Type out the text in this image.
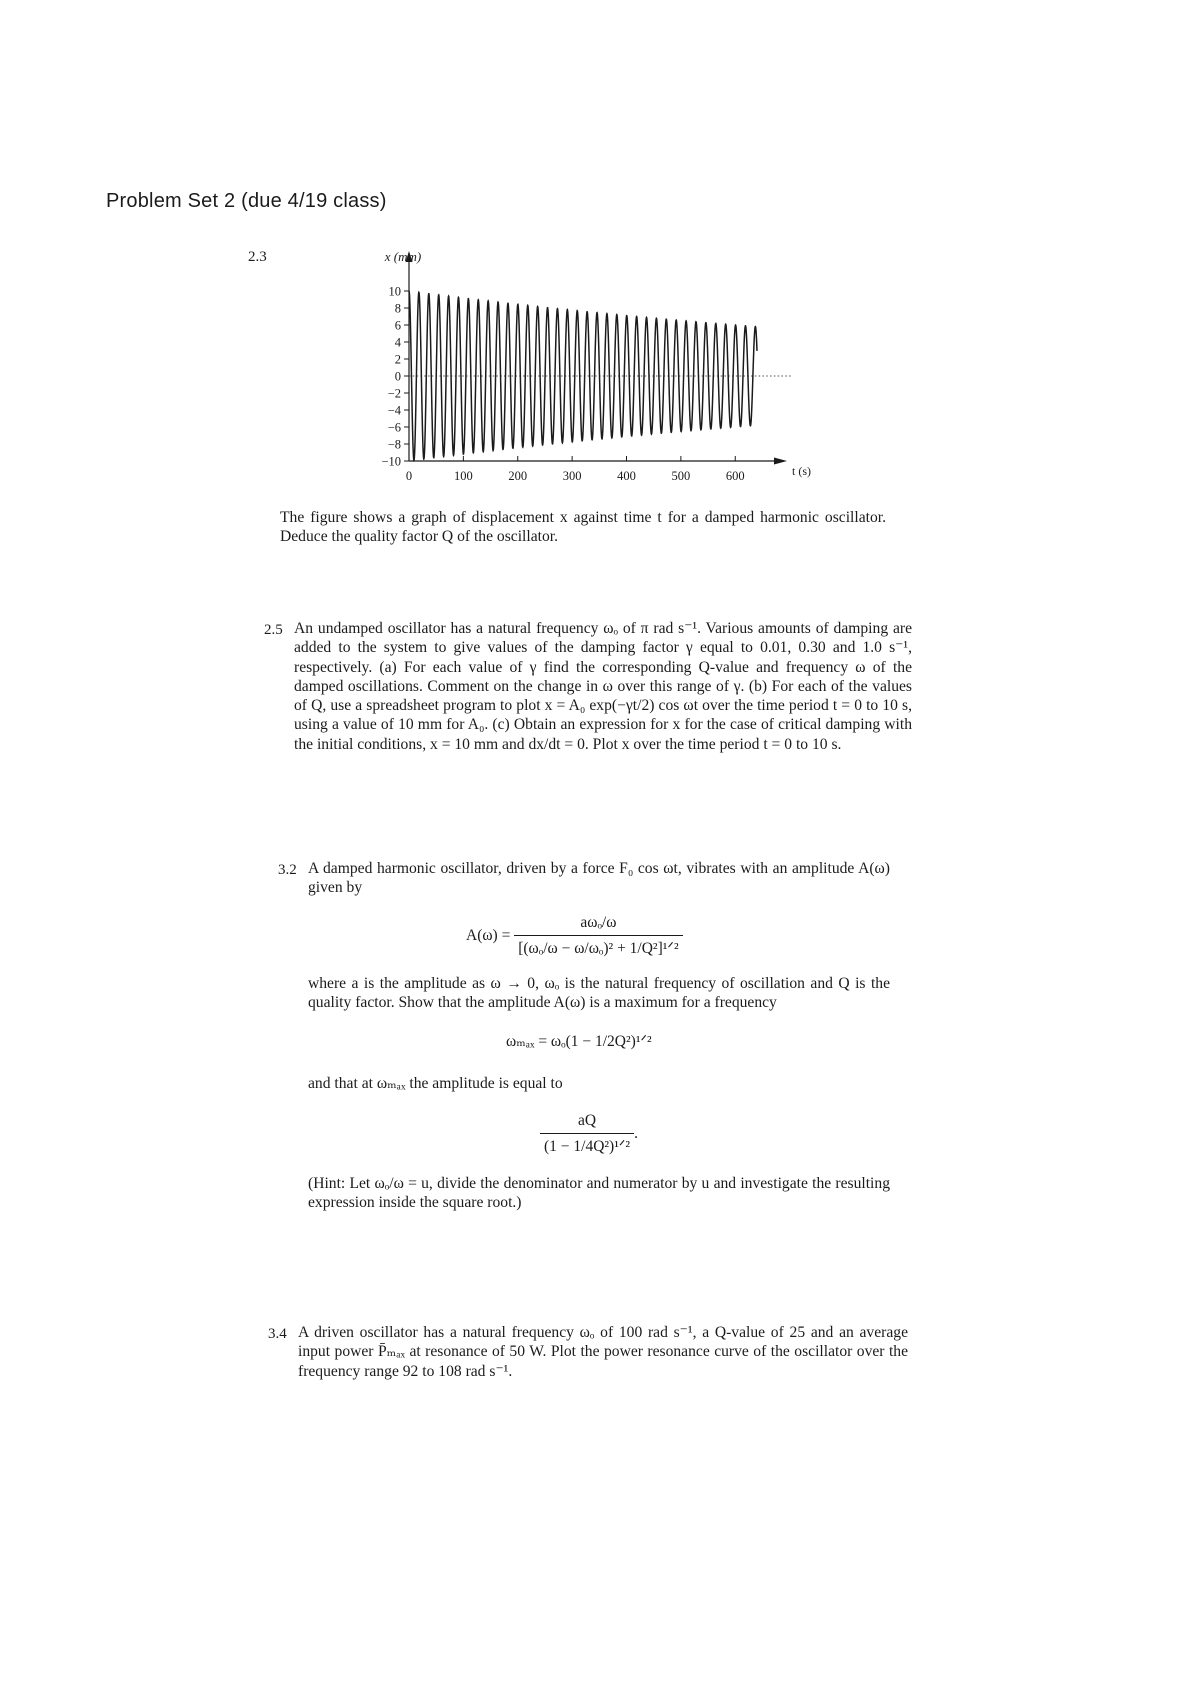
Problem Set 2 (due 4/19 class)
2.3	x (mm)
10
8
6
4
2
0
−2
−4
−6
−8
−10
0	100	200	300	400	500	600	t (s)
The figure shows a graph of displacement x against time t for a damped harmonic oscillator. Deduce the quality factor Q of the oscillator.
2.5 An undamped oscillator has a natural frequency ωₒ of π rad s⁻¹. Various amounts of damping are added to the system to give values of the damping factor γ equal to 0.01, 0.30 and 1.0 s⁻¹, respectively. (a) For each value of γ find the corresponding Q-value and frequency ω of the damped oscillations. Comment on the change in ω over this range of γ. (b) For each of the values of Q, use a spreadsheet program to plot x = A₀ exp(−γt/2) cos ωt over the time period t = 0 to 10 s, using a value of 10 mm for A₀. (c) Obtain an expression for x for the case of critical damping with the initial conditions, x = 10 mm and dx/dt = 0. Plot x over the time period t = 0 to 10 s.
3.2 A damped harmonic oscillator, driven by a force F₀ cos ωt, vibrates with an amplitude A(ω) given by
$A(\omega) = \frac{\text{aωₒ/ω}}{\text{[(ωₒ/ω − ω/ωₒ)² + 1/Q²]¹ᐟ²}}$
where a is the amplitude as ω → 0, ωₒ is the natural frequency of oscillation and Q is the quality factor. Show that the amplitude A(ω) is a maximum for a frequency
ωₘₐₓ = ωₒ(1 − 1/2Q²)¹ᐟ²
and that at ωₘₐₓ the amplitude is equal to
$\frac{aQ}{\text{(1 − 1/4Q²)¹ᐟ²}}$ .
(Hint: Let ωₒ/ω = u, divide the denominator and numerator by u and investigate the resulting expression inside the square root.)
3.4 A driven oscillator has a natural frequency ωₒ of 100 rad s⁻¹, a Q-value of 25 and an average input power P̄ₘₐₓ at resonance of 50 W. Plot the power resonance curve of the oscillator over the frequency range 92 to 108 rad s⁻¹.
